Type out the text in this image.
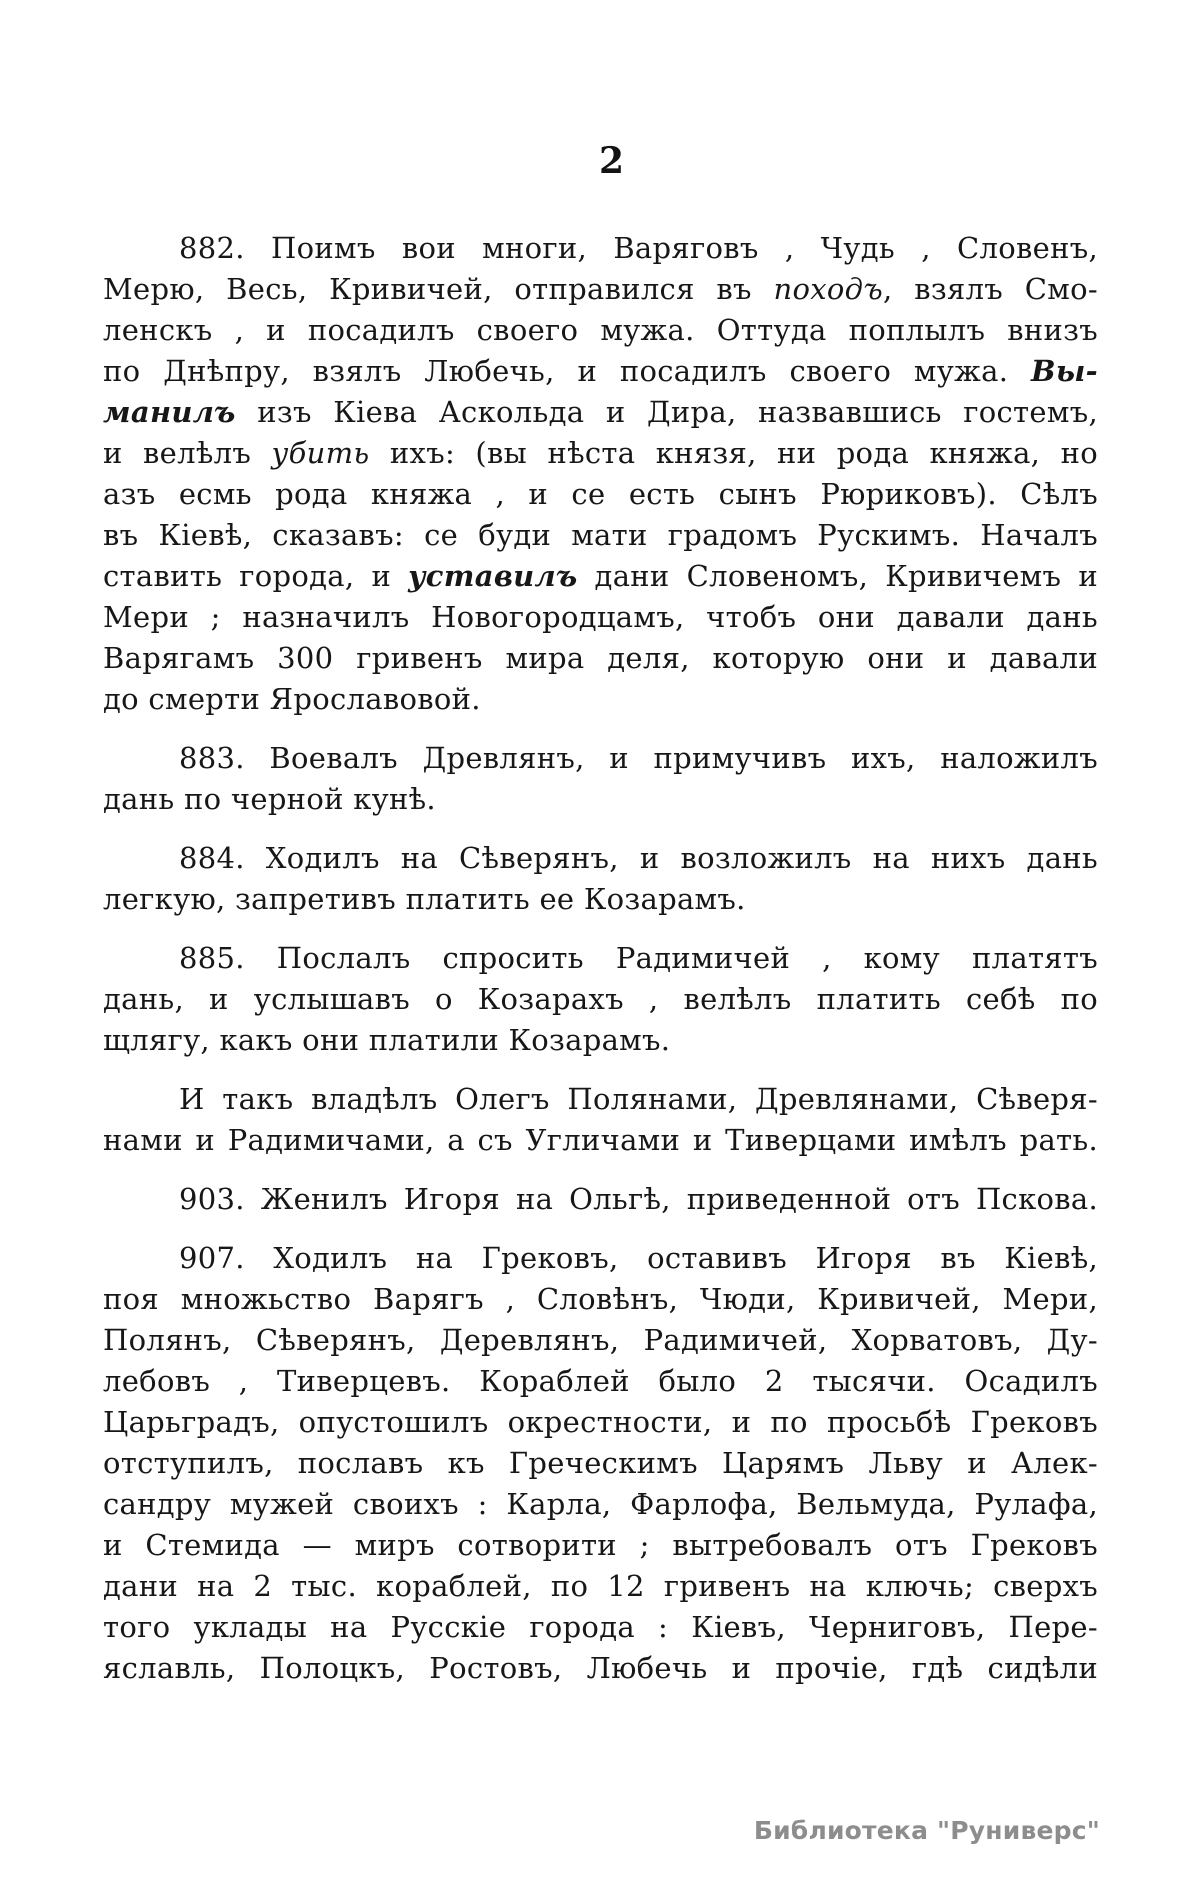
2
882. Поимъ вои многи, Варяговъ , Чудь , Словенъ,
Мерю, Весь, Кривичей, отправился въ походъ, взялъ Смо-
ленскъ , и посадилъ своего мужа. Оттуда поплылъ внизъ
по Днѣпру, взялъ Любечь, и посадилъ своего мужа. Вы-
манилъ изъ Кіева Аскольда и Дира, назвавшись гостемъ,
и велѣлъ убить ихъ: (вы нѣста князя, ни рода княжа, но
азъ есмь рода княжа , и се есть сынъ Рюриковъ). Сѣлъ
въ Кіевѣ, сказавъ: се буди мати градомъ Рускимъ. Началъ
ставить города, и уставилъ дани Словеномъ, Кривичемъ и
Мери ; назначилъ Новогородцамъ, чтобъ они давали дань
Варягамъ 300 гривенъ мира деля, которую они и давали
до смерти Ярославовой.
883. Воевалъ Древлянъ, и примучивъ ихъ, наложилъ
дань по черной кунѣ.
884. Ходилъ на Сѣверянъ, и возложилъ на нихъ дань
легкую, запретивъ платить ее Козарамъ.
885. Послалъ спросить Радимичей , кому платятъ
дань, и услышавъ о Козарахъ , велѣлъ платить себѣ по
щлягу, какъ они платили Козарамъ.
И такъ владѣлъ Олегъ Полянами, Древлянами, Сѣверя-
нами и Радимичами, а съ Угличами и Тиверцами имѣлъ рать.
903. Женилъ Игоря на Ольгѣ, приведенной отъ Пскова.
907. Ходилъ на Грековъ, оставивъ Игоря въ Кіевѣ,
поя множьство Варягъ , Словѣнъ, Чюди, Кривичей, Мери,
Полянъ, Сѣверянъ, Деревлянъ, Радимичей, Хорватовъ, Ду-
лебовъ , Тиверцевъ. Кораблей было 2 тысячи. Осадилъ
Царьградъ, опустошилъ окрестности, и по просьбѣ Грековъ
отступилъ, пославъ къ Греческимъ Царямъ Льву и Алек-
сандру мужей своихъ : Карла, Фарлофа, Вельмуда, Рулафа,
и Стемида — миръ сотворити ; вытребовалъ отъ Грековъ
дани на 2 тыс. кораблей, по 12 гривенъ на ключь; сверхъ
того уклады на Русскіе города : Кіевъ, Черниговъ, Пере-
яславль, Полоцкъ, Ростовъ, Любечь и прочіе, гдѣ сидѣли
Библиотека "Руниверс"
